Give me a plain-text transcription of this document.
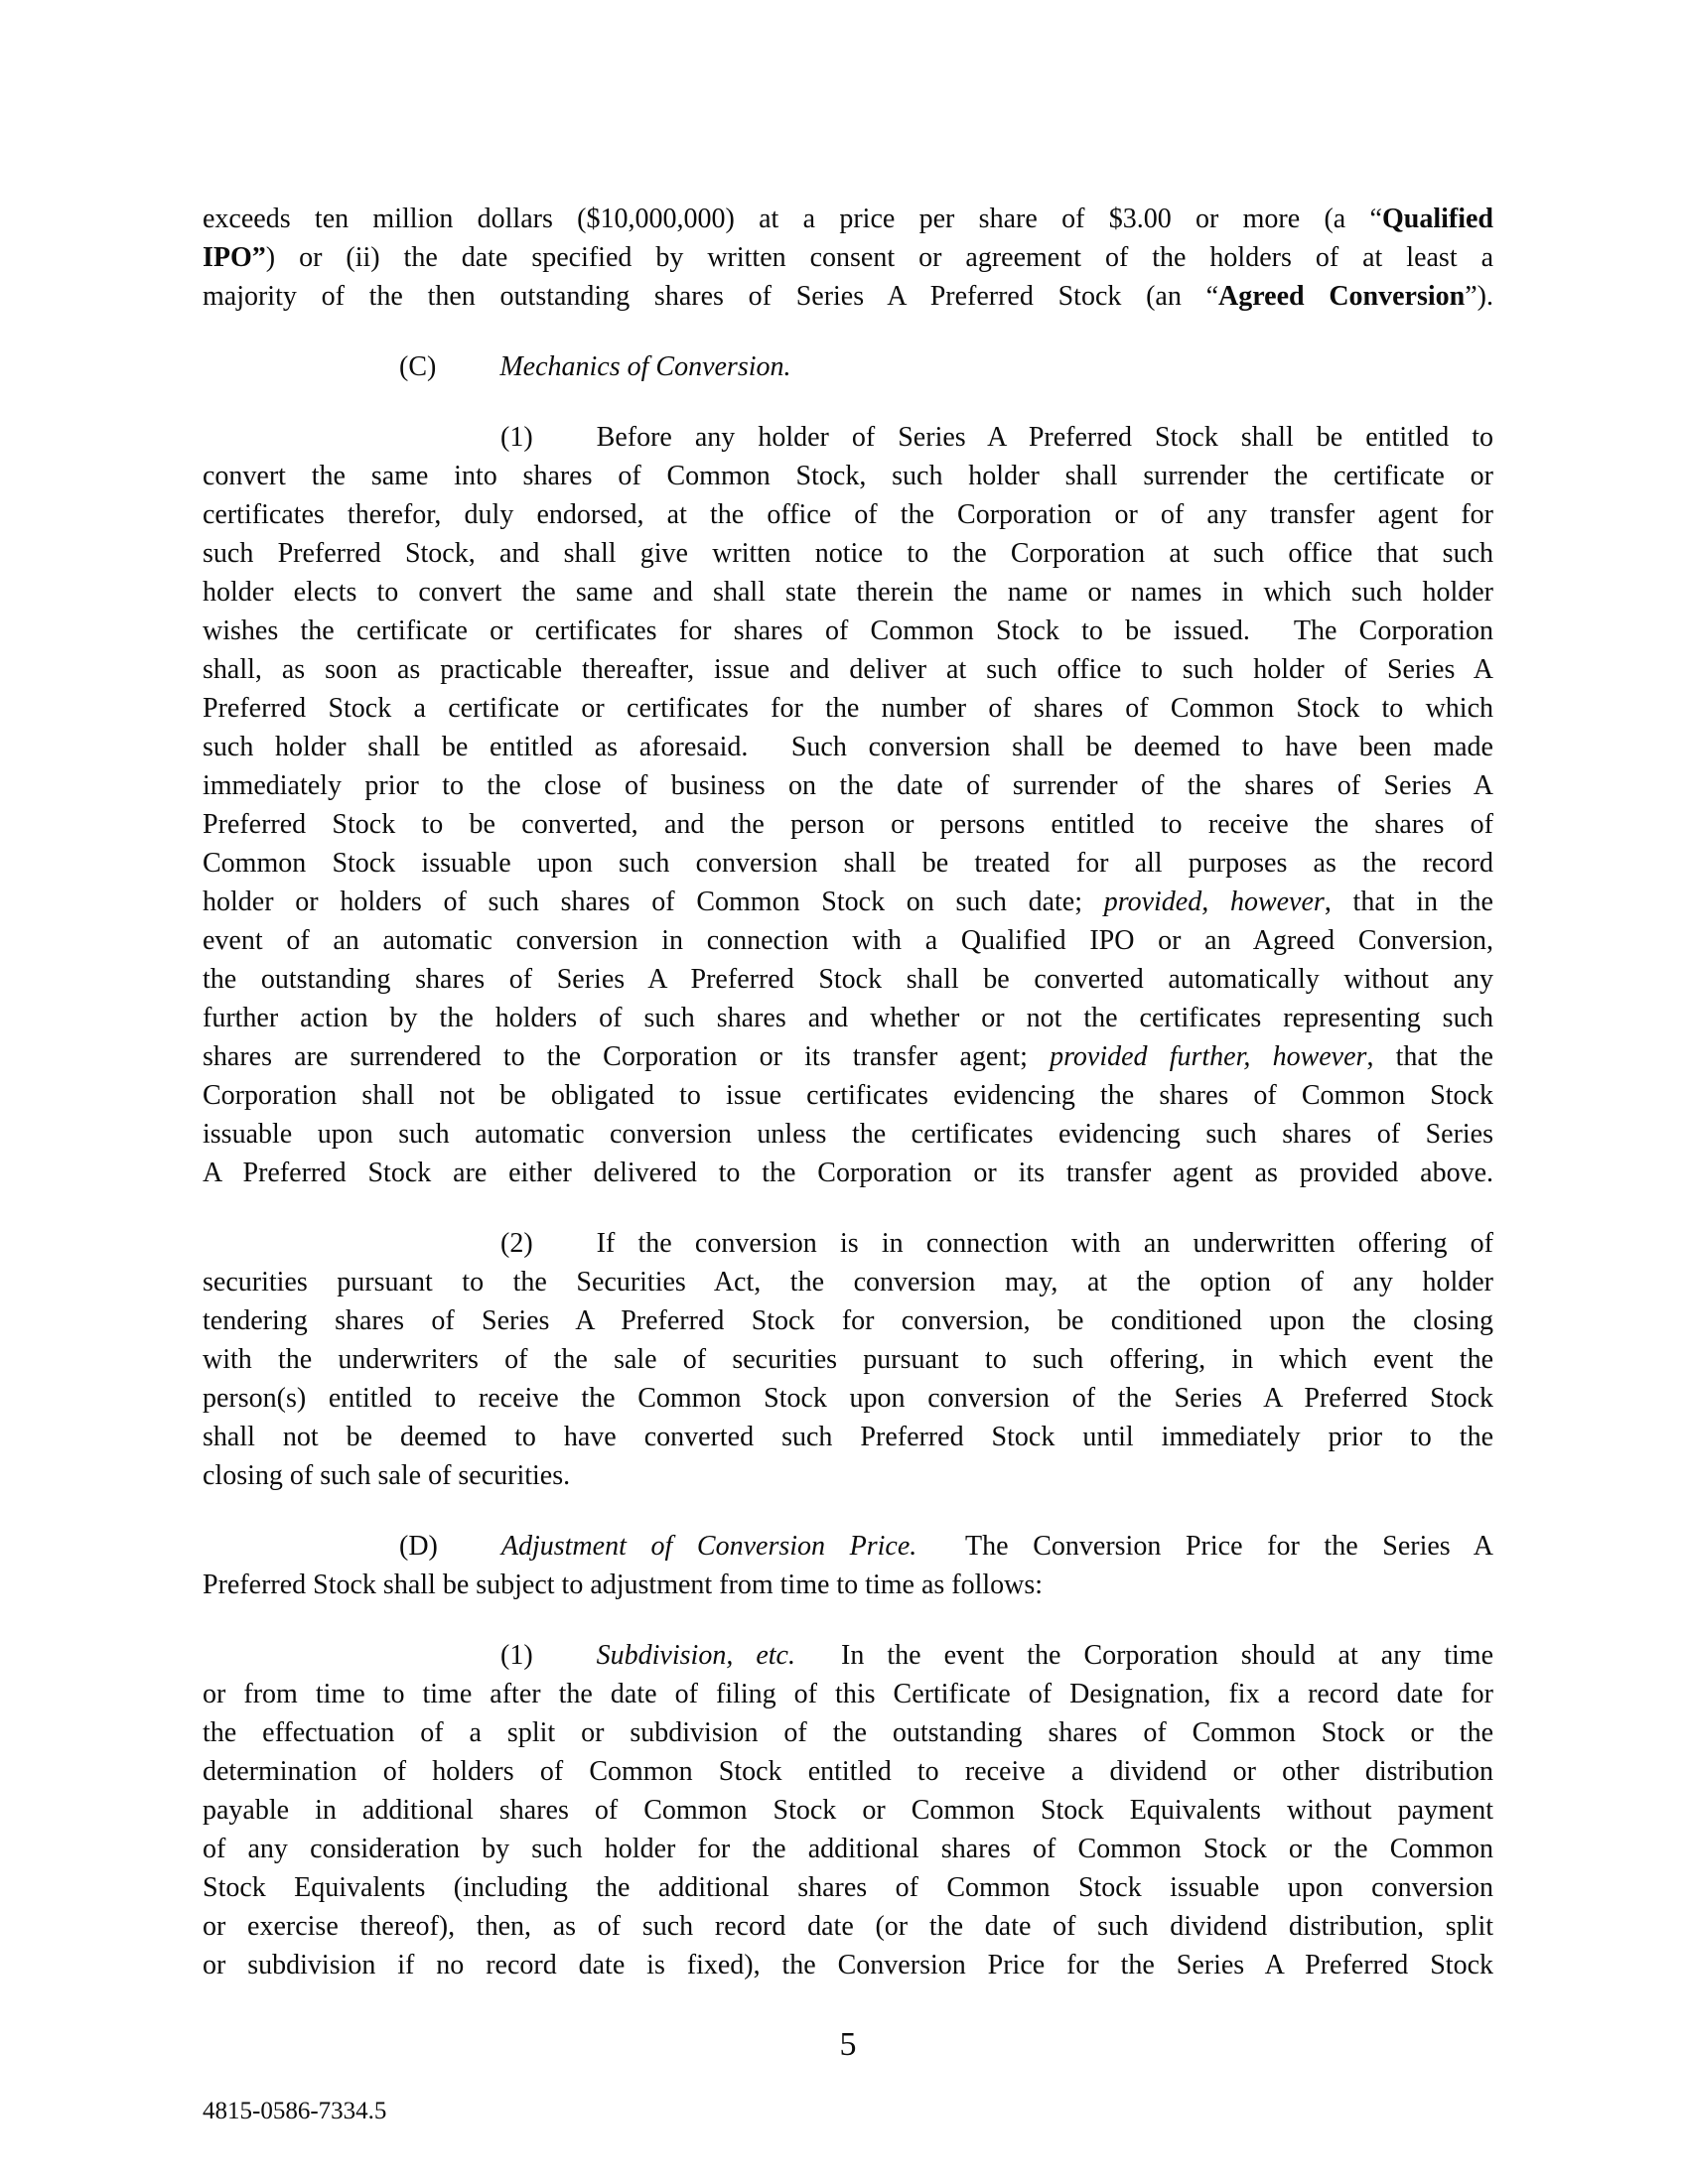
exceeds ten million dollars ($10,000,000) at a price per share of $3.00 or more (a “Qualified
IPO”) or (ii) the date specified by written consent or agreement of the holders of at least a
majority of the then outstanding shares of Series A Preferred Stock (an “Agreed Conversion”).
(C) Mechanics of Conversion.
(1) Before any holder of Series A Preferred Stock shall be entitled to
convert the same into shares of Common Stock, such holder shall surrender the certificate or
certificates therefor, duly endorsed, at the office of the Corporation or of any transfer agent for
such Preferred Stock, and shall give written notice to the Corporation at such office that such
holder elects to convert the same and shall state therein the name or names in which such holder
wishes the certificate or certificates for shares of Common Stock to be issued.  The Corporation
shall, as soon as practicable thereafter, issue and deliver at such office to such holder of Series A
Preferred Stock a certificate or certificates for the number of shares of Common Stock to which
such holder shall be entitled as aforesaid.  Such conversion shall be deemed to have been made
immediately prior to the close of business on the date of surrender of the shares of Series A
Preferred Stock to be converted, and the person or persons entitled to receive the shares of
Common Stock issuable upon such conversion shall be treated for all purposes as the record
holder or holders of such shares of Common Stock on such date; provided, however, that in the
event of an automatic conversion in connection with a Qualified IPO or an Agreed Conversion,
the outstanding shares of Series A Preferred Stock shall be converted automatically without any
further action by the holders of such shares and whether or not the certificates representing such
shares are surrendered to the Corporation or its transfer agent; provided further, however, that the
Corporation shall not be obligated to issue certificates evidencing the shares of Common Stock
issuable upon such automatic conversion unless the certificates evidencing such shares of Series
A Preferred Stock are either delivered to the Corporation or its transfer agent as provided above.
(2) If the conversion is in connection with an underwritten offering of
securities pursuant to the Securities Act, the conversion may, at the option of any holder
tendering shares of Series A Preferred Stock for conversion, be conditioned upon the closing
with the underwriters of the sale of securities pursuant to such offering, in which event the
person(s) entitled to receive the Common Stock upon conversion of the Series A Preferred Stock
shall not be deemed to have converted such Preferred Stock until immediately prior to the
closing of such sale of securities.
(D) Adjustment of Conversion Price.  The Conversion Price for the Series A
Preferred Stock shall be subject to adjustment from time to time as follows:
(1) Subdivision, etc.  In the event the Corporation should at any time
or from time to time after the date of filing of this Certificate of Designation, fix a record date for
the effectuation of a split or subdivision of the outstanding shares of Common Stock or the
determination of holders of Common Stock entitled to receive a dividend or other distribution
payable in additional shares of Common Stock or Common Stock Equivalents without payment
of any consideration by such holder for the additional shares of Common Stock or the Common
Stock Equivalents (including the additional shares of Common Stock issuable upon conversion
or exercise thereof), then, as of such record date (or the date of such dividend distribution, split
or subdivision if no record date is fixed), the Conversion Price for the Series A Preferred Stock
5
4815-0586-7334.5
